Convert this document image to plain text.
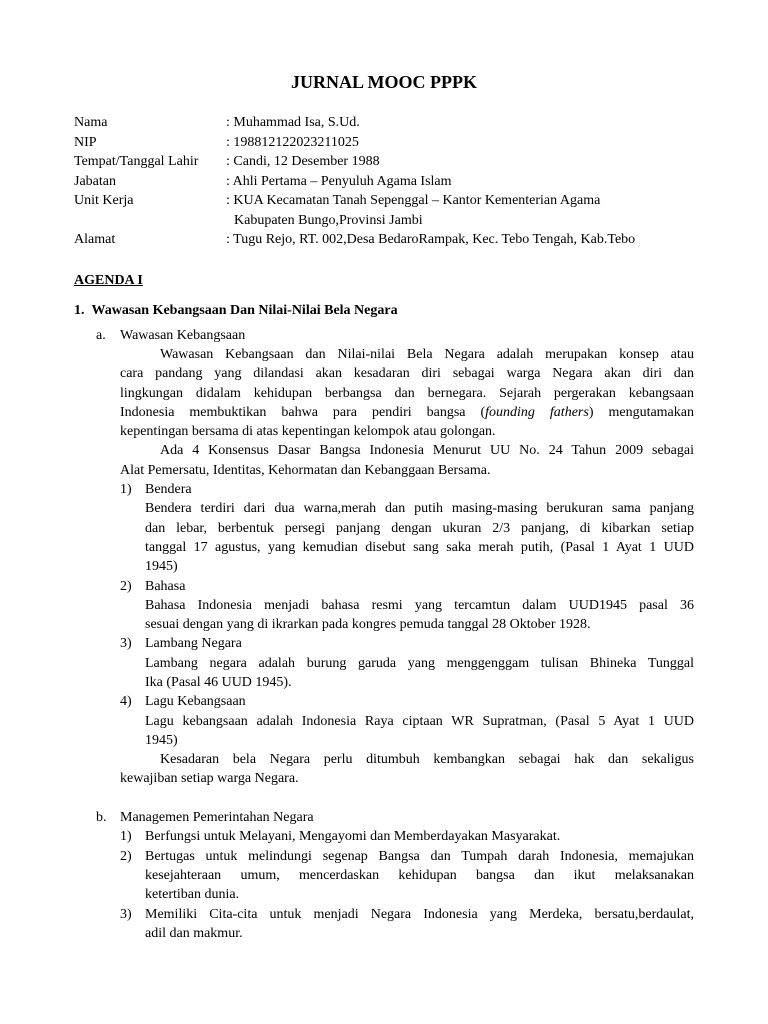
JURNAL MOOC PPPK
Nama	: Muhammad Isa, S.Ud.
NIP	: 198812122023211025
Tempat/Tanggal Lahir : Candi, 12 Desember 1988
Jabatan	: Ahli Pertama – Penyuluh Agama Islam
Unit Kerja	: KUA Kecamatan Tanah Sepenggal – Kantor Kementerian Agama
Kabupaten Bungo,Provinsi Jambi
Alamat	: Tugu Rejo, RT. 002,Desa BedaroRampak, Kec. Tebo Tengah, Kab.Tebo
AGENDA I
1.  Wawasan Kebangsaan Dan Nilai-Nilai Bela Negara
a. Wawasan Kebangsaan
Wawasan Kebangsaan dan Nilai-nilai Bela Negara adalah merupakan konsep atau
cara pandang yang dilandasi akan kesadaran diri sebagai warga Negara akan diri dan
lingkungan didalam kehidupan berbangsa dan bernegara. Sejarah pergerakan kebangsaan
Indonesia membuktikan bahwa para pendiri bangsa (founding fathers) mengutamakan
kepentingan bersama di atas kepentingan kelompok atau golongan.
Ada 4 Konsensus Dasar Bangsa Indonesia Menurut UU No. 24 Tahun 2009 sebagai
Alat Pemersatu, Identitas, Kehormatan dan Kebanggaan Bersama.
1) Bendera
Bendera terdiri dari dua warna,merah dan putih masing-masing berukuran sama panjang
dan lebar, berbentuk persegi panjang dengan ukuran 2/3 panjang, di kibarkan setiap
tanggal 17 agustus, yang kemudian disebut sang saka merah putih, (Pasal 1 Ayat 1 UUD
1945)
2) Bahasa
Bahasa Indonesia menjadi bahasa resmi yang tercamtun dalam UUD1945 pasal 36
sesuai dengan yang di ikrarkan pada kongres pemuda tanggal 28 Oktober 1928.
3) Lambang Negara
Lambang negara adalah burung garuda yang menggenggam tulisan Bhineka Tunggal
Ika (Pasal 46 UUD 1945).
4) Lagu Kebangsaan
Lagu kebangsaan adalah Indonesia Raya ciptaan WR Supratman, (Pasal 5 Ayat 1 UUD
1945)
Kesadaran bela Negara perlu ditumbuh kembangkan sebagai hak dan sekaligus
kewajiban setiap warga Negara.
b. Managemen Pemerintahan Negara
1) Berfungsi untuk Melayani, Mengayomi dan Memberdayakan Masyarakat.
2) Bertugas untuk melindungi segenap Bangsa dan Tumpah darah Indonesia, memajukan
kesejahteraan umum, mencerdaskan kehidupan bangsa dan ikut melaksanakan
ketertiban dunia.
3) Memiliki Cita-cita untuk menjadi Negara Indonesia yang Merdeka, bersatu,berdaulat,
adil dan makmur.
